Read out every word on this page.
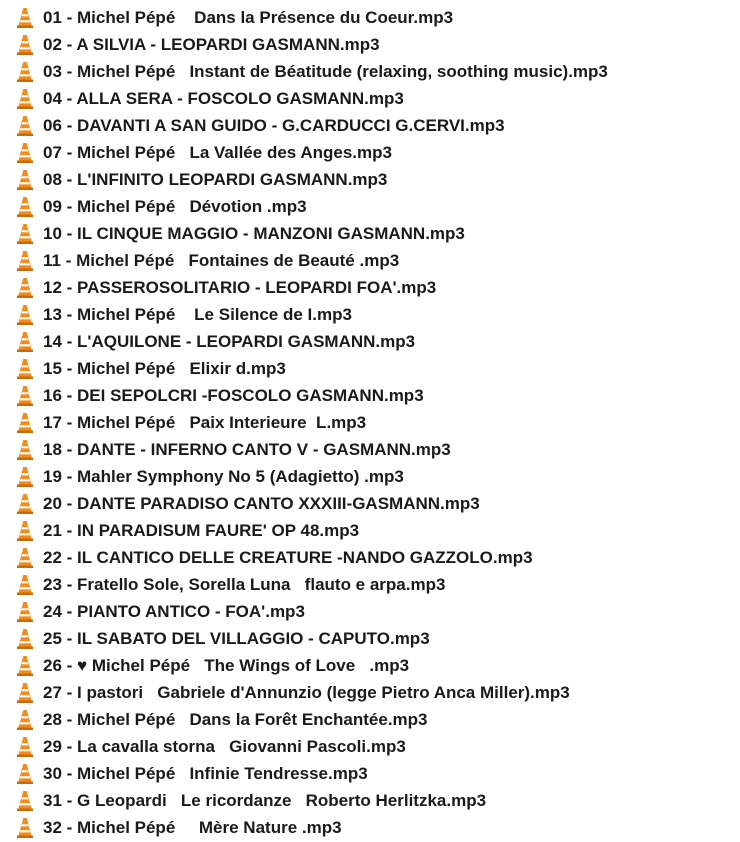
01 - Michel Pépé    Dans la Présence du Coeur.mp3
02 - A SILVIA - LEOPARDI GASMANN.mp3
03 - Michel Pépé   Instant de Béatitude (relaxing, soothing music).mp3
04 - ALLA SERA - FOSCOLO GASMANN.mp3
06 - DAVANTI A SAN GUIDO - G.CARDUCCI G.CERVI.mp3
07 - Michel Pépé   La Vallée des Anges.mp3
08 - L'INFINITO LEOPARDI GASMANN.mp3
09 - Michel Pépé   Dévotion .mp3
10 - IL CINQUE MAGGIO - MANZONI GASMANN.mp3
11 - Michel Pépé   Fontaines de Beauté .mp3
12 - PASSEROSOLITARIO - LEOPARDI FOA'.mp3
13 - Michel Pépé    Le Silence de I.mp3
14 - L'AQUILONE - LEOPARDI GASMANN.mp3
15 - Michel Pépé   Elixir d.mp3
16 - DEI SEPOLCRI -FOSCOLO GASMANN.mp3
17 - Michel Pépé   Paix Interieure  L.mp3
18 - DANTE - INFERNO CANTO V - GASMANN.mp3
19 - Mahler Symphony No 5 (Adagietto) .mp3
20 - DANTE PARADISO CANTO XXXIII-GASMANN.mp3
21 - IN PARADISUM FAURE' OP 48.mp3
22 - IL CANTICO DELLE CREATURE -NANDO GAZZOLO.mp3
23 - Fratello Sole, Sorella Luna   flauto e arpa.mp3
24 - PIANTO ANTICO - FOA'.mp3
25 - IL SABATO DEL VILLAGGIO - CAPUTO.mp3
26 - ♥ Michel Pépé   The Wings of Love   .mp3
27 - I pastori   Gabriele d'Annunzio (legge Pietro Anca Miller).mp3
28 - Michel Pépé   Dans la Forêt Enchantée.mp3
29 - La cavalla storna   Giovanni Pascoli.mp3
30 - Michel Pépé   Infinie Tendresse.mp3
31 - G Leopardi   Le ricordanze   Roberto Herlitzka.mp3
32 - Michel Pépé     Mère Nature .mp3
